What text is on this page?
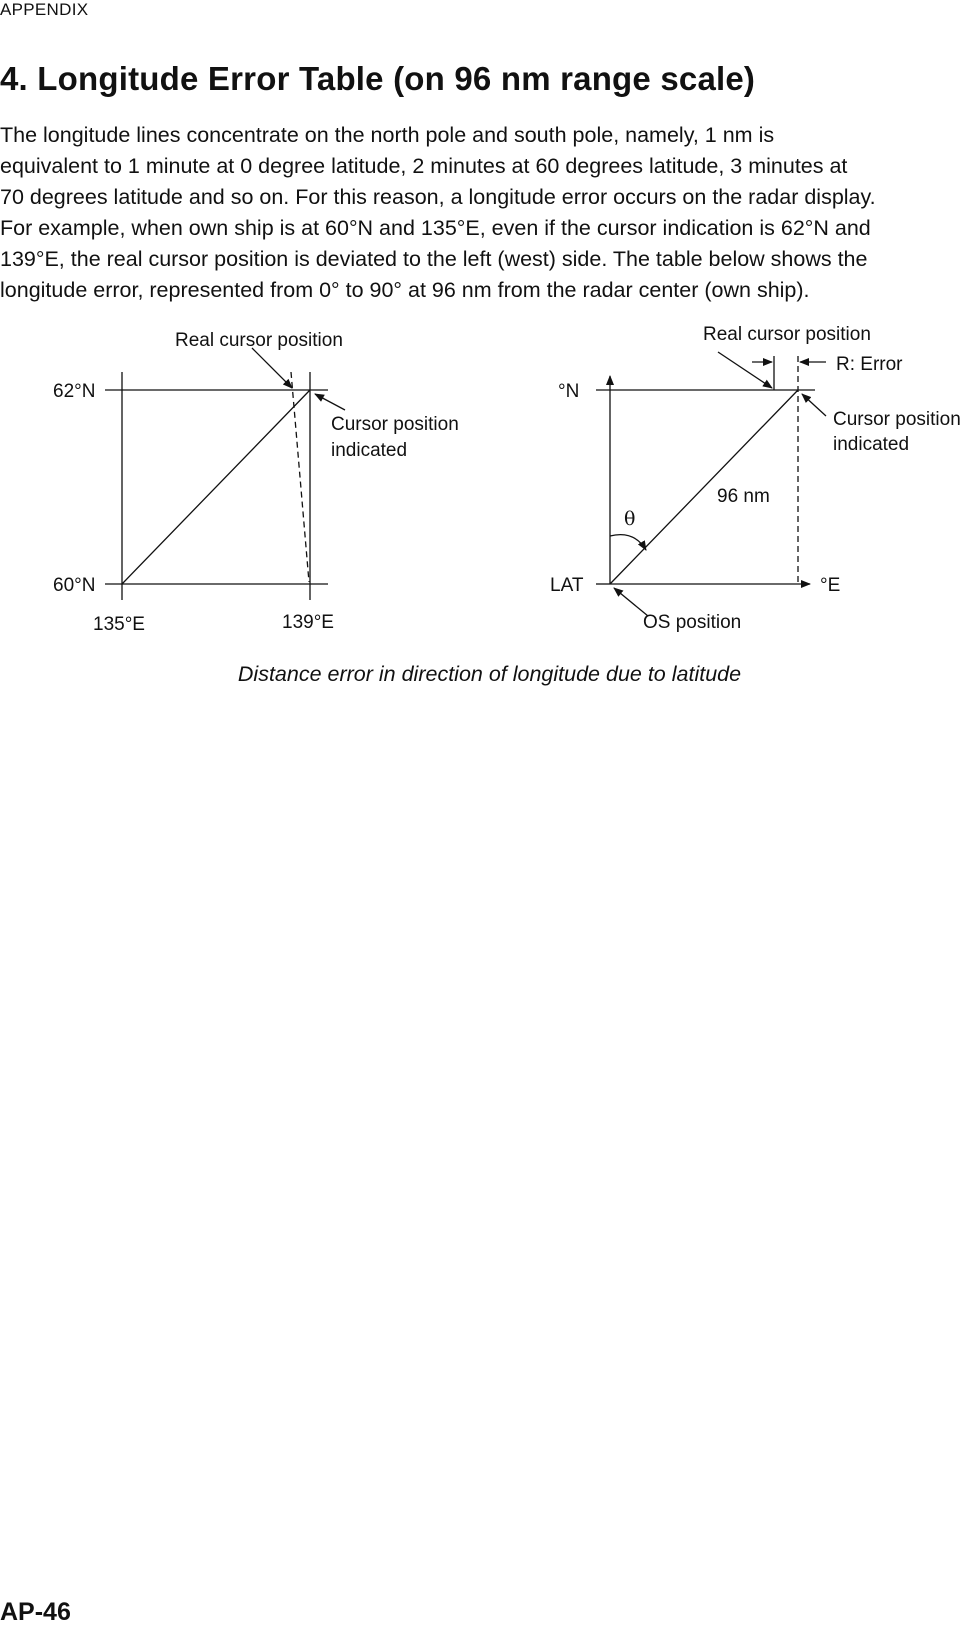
APPENDIX
4. Longitude Error Table (on 96 nm range scale)

The longitude lines concentrate on the north pole and south pole, namely, 1 nm is
equivalent to 1 minute at 0 degree latitude, 2 minutes at 60 degrees latitude, 3 minutes at
70 degrees latitude and so on. For this reason, a longitude error occurs on the radar display.
For example, when own ship is at 60°N and 135°E, even if the cursor indication is 62°N and
139°E, the real cursor position is deviated to the left (west) side. The table below shows the
longitude error, represented from 0° to 90° at 96 nm from the radar center (own ship).

Real cursor position
62°N
60°N
135°E	139°E
Cursor position
indicated
Real cursor position
R: Error
°N
°E
LAT
θ
96 nm
Cursor position
indicated
OS position
Distance error in direction of longitude due to latitude
AP-46
